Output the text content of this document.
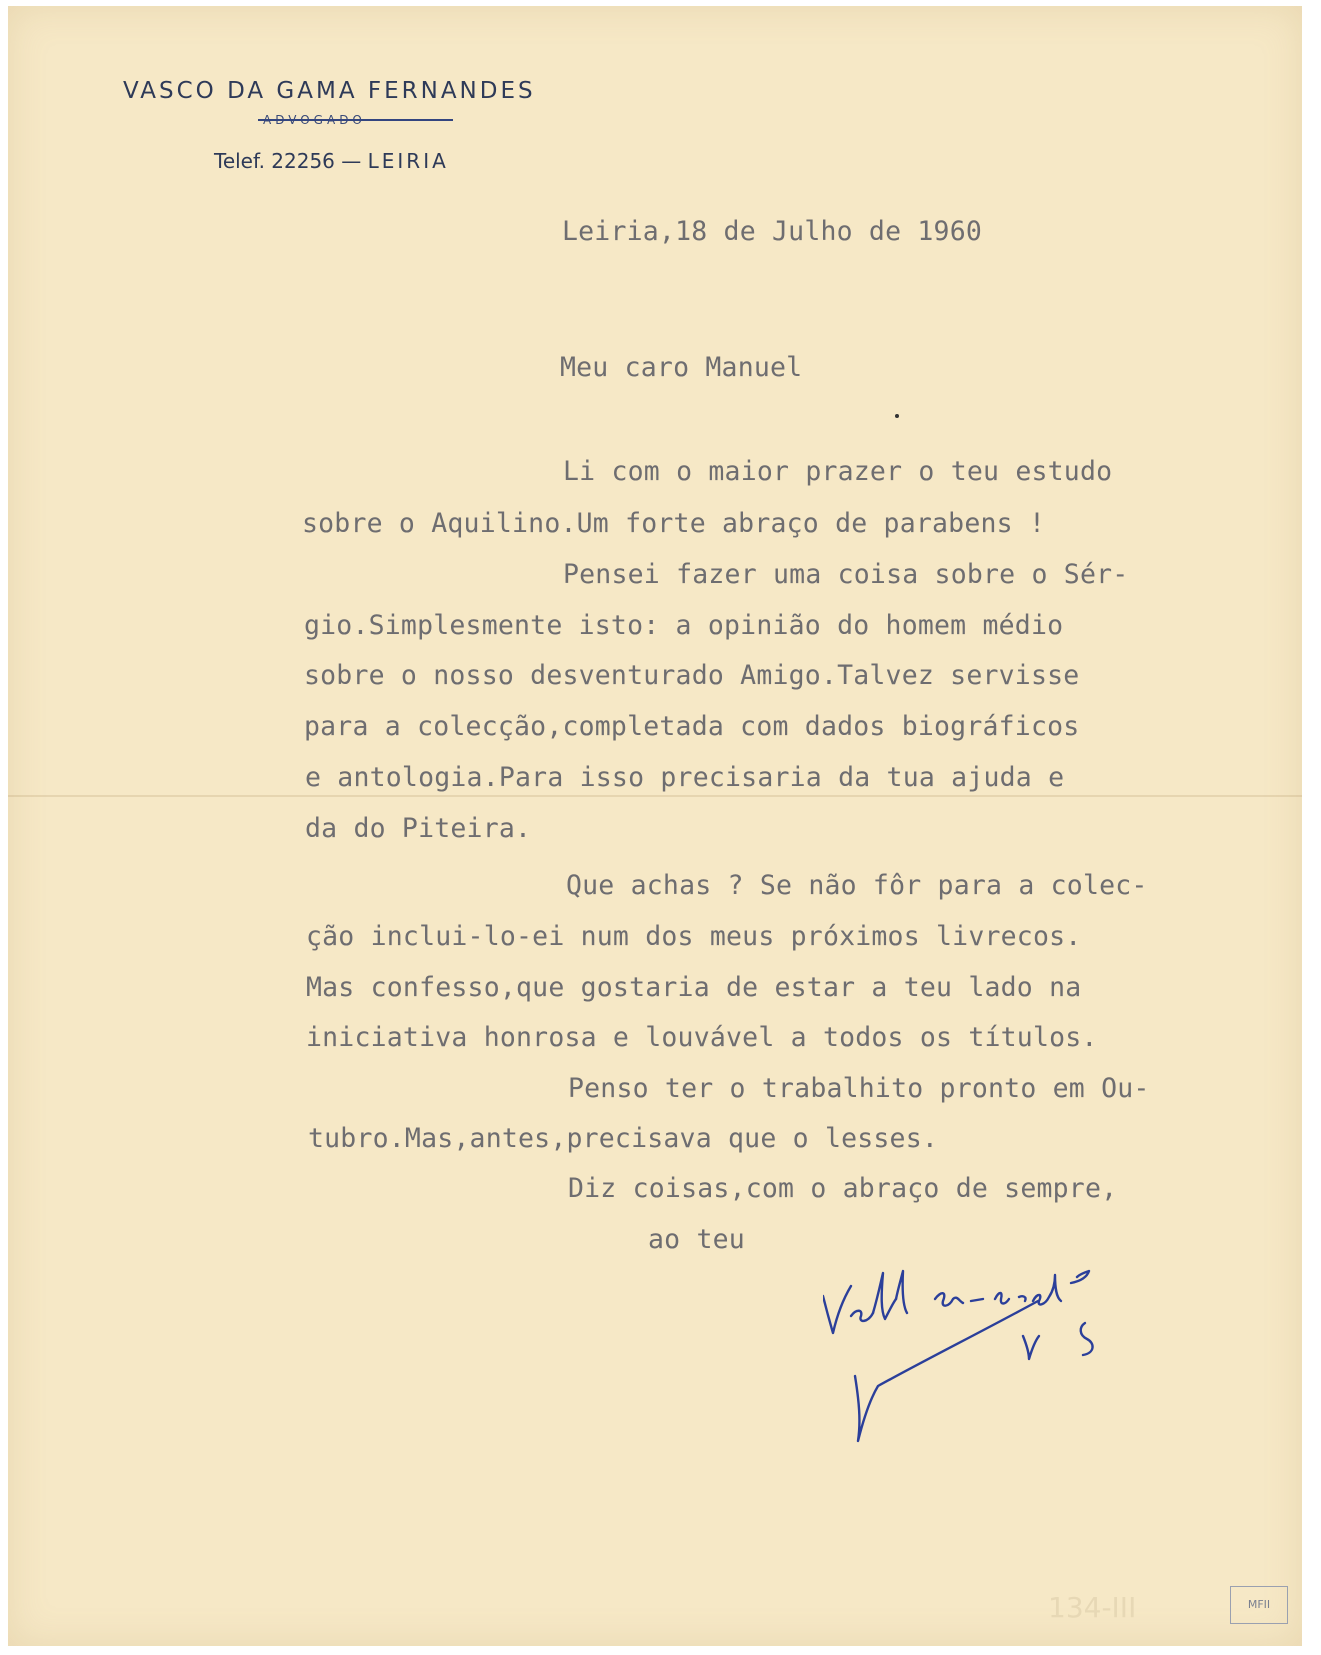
VASCO DA GAMA FERNANDES
Telef. 22256 — LEIRIA
Leiria,18 de Julho de 1960
Meu caro Manuel
Li com o maior prazer o teu estudo
sobre o Aquilino.Um forte abraço de parabens !
Pensei fazer uma coisa sobre o Sér-
gio.Simplesmente isto: a opinião do homem médio
sobre o nosso desventurado Amigo.Talvez servisse
para a colecção,completada com dados biográficos
e antologia.Para isso precisaria da tua ajuda e
da do Piteira.
Que achas ? Se não fôr para a colec-
ção inclui-lo-ei num dos meus próximos livrecos.
Mas confesso,que gostaria de estar a teu lado na
iniciativa honrosa e louvável a todos os títulos.
Penso ter o trabalhito pronto em Ou-
tubro.Mas,antes,precisava que o lesses.
Diz coisas,com o abraço de sempre,
ao teu
134-III	MFII
